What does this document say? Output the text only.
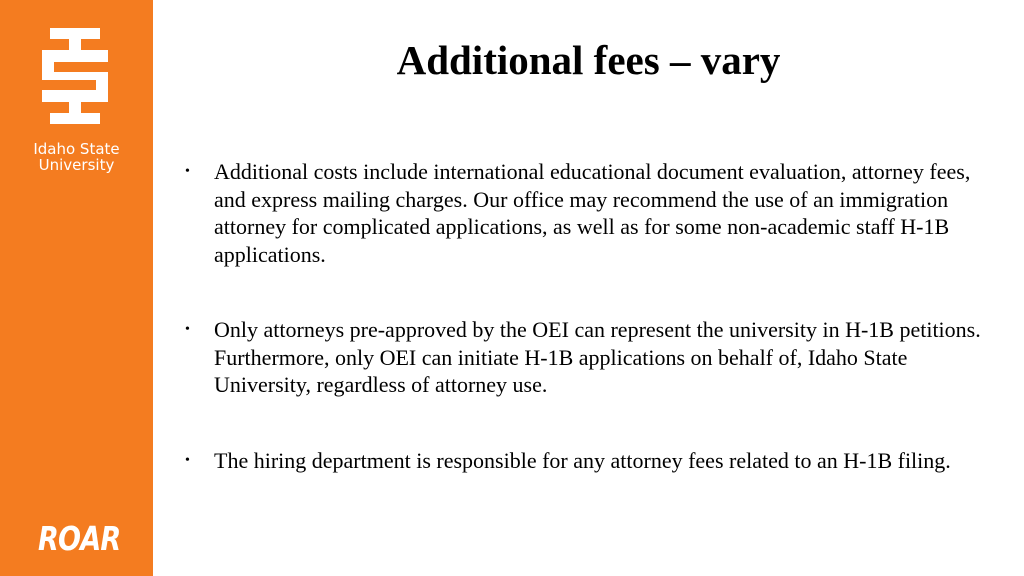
Idaho State
University
ROAR
Additional fees – vary
• Additional costs include international educational document evaluation, attorney fees, and express mailing charges. Our office may recommend the use of an immigration attorney for complicated applications, as well as for some non-academic staff H-1B applications.
• Only attorneys pre-approved by the OEI can represent the university in H-1B petitions. Furthermore, only OEI can initiate H-1B applications on behalf of, Idaho State University, regardless of attorney use.
• The hiring department is responsible for any attorney fees related to an H-1B filing.
